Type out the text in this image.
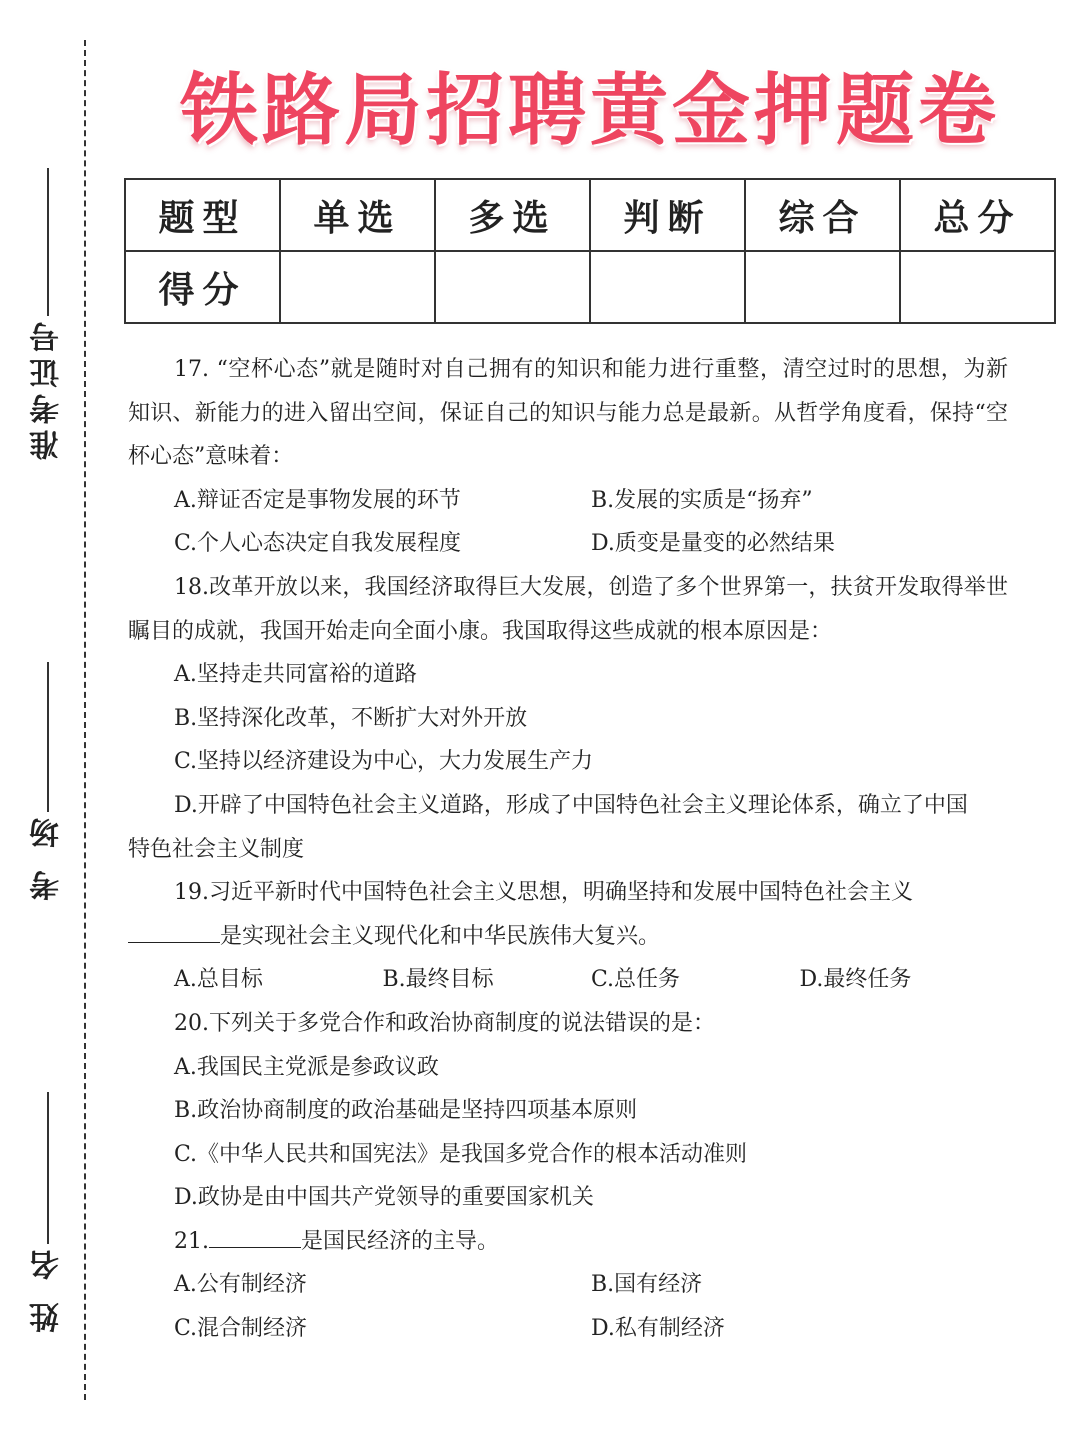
准考证号
考 场
姓 名
铁路局招聘黄金押题卷
题型	单选	多选	判断	综合	总分
得分					

17. “空杯心态”就是随时对自己拥有的知识和能力进行重整，清空过时的思想，为新知识、新能力的进入留出空间，保证自己的知识与能力总是最新。从哲学角度看，保持“空杯心态”意味着：

A.辩证否定是事物发展的环节	B.发展的实质是“扬弃”
C.个人心态决定自我发展程度	D.质变是量变的必然结果

18.改革开放以来，我国经济取得巨大发展，创造了多个世界第一，扶贫开发取得举世瞩目的成就，我国开始走向全面小康。我国取得这些成就的根本原因是：

A.坚持走共同富裕的道路

B.坚持深化改革，不断扩大对外开放

C.坚持以经济建设为中心，大力发展生产力

D.开辟了中国特色社会主义道路，形成了中国特色社会主义理论体系，确立了中国

特色社会主义制度

19.习近平新时代中国特色社会主义思想，明确坚持和发展中国特色社会主义

是实现社会主义现代化和中华民族伟大复兴。

A.总目标	B.最终目标	C.总任务	D.最终任务

20.下列关于多党合作和政治协商制度的说法错误的是：

A.我国民主党派是参政议政

B.政治协商制度的政治基础是坚持四项基本原则

C.《中华人民共和国宪法》是我国多党合作的根本活动准则

D.政协是由中国共产党领导的重要国家机关

21.	是国民经济的主导。

A.公有制经济	B.国有经济
C.混合制经济	D.私有制经济
